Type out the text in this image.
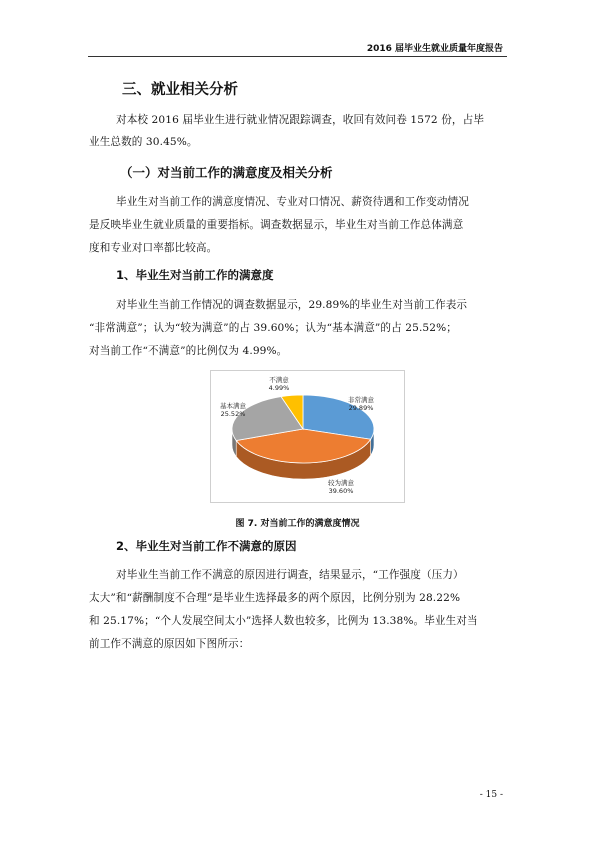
2016 届毕业生就业质量年度报告
三、就业相关分析
对本校 2016 届毕业生进行就业情况跟踪调查，收回有效问卷 1572 份，占毕
业生总数的 30.45%。
（一）对当前工作的满意度及相关分析
毕业生对当前工作的满意度情况、专业对口情况、薪资待遇和工作变动情况
是反映毕业生就业质量的重要指标。调查数据显示，毕业生对当前工作总体满意
度和专业对口率都比较高。
1、毕业生对当前工作的满意度
对毕业生当前工作情况的调查数据显示，29.89%的毕业生对当前工作表示
“非常满意”；认为“较为满意”的占 39.60%；认为“基本满意”的占 25.52%；
对当前工作“不满意”的比例仅为 4.99%。
非常满意
29.89%
较为满意
39.60%
基本满意
25.52%
不满意
4.99%
图 7. 对当前工作的满意度情况
2、毕业生对当前工作不满意的原因
对毕业生当前工作不满意的原因进行调查，结果显示，“工作强度（压力）
太大”和“薪酬制度不合理”是毕业生选择最多的两个原因，比例分别为 28.22%
和 25.17%；“个人发展空间太小”选择人数也较多，比例为 13.38%。毕业生对当
前工作不满意的原因如下图所示：
- 15 -
